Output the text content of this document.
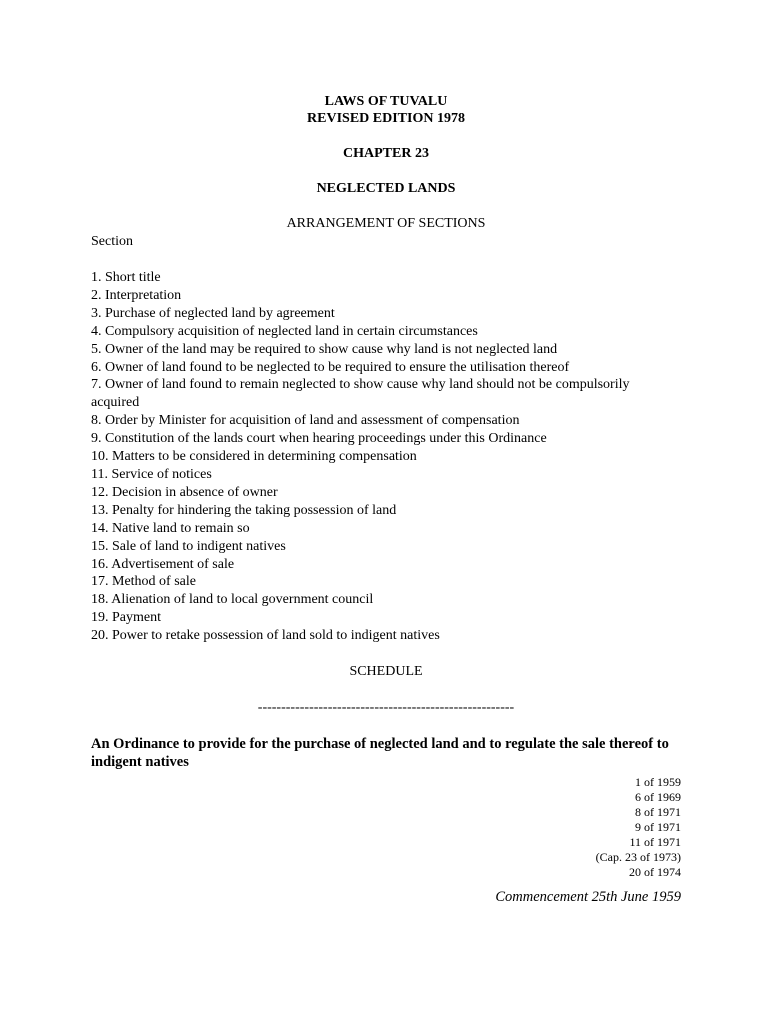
LAWS OF TUVALU

REVISED EDITION 1978

CHAPTER 23

NEGLECTED LANDS

ARRANGEMENT OF SECTIONS

Section

1. Short title
2. Interpretation
3. Purchase of neglected land by agreement
4. Compulsory acquisition of neglected land in certain circumstances
5. Owner of the land may be required to show cause why land is not neglected land
6. Owner of land found to be neglected to be required to ensure the utilisation thereof
7. Owner of land found to remain neglected to show cause why land should not be compulsorily acquired
8. Order by Minister for acquisition of land and assessment of compensation
9. Constitution of the lands court when hearing proceedings under this Ordinance
10. Matters to be considered in determining compensation
11. Service of notices
12. Decision in absence of owner
13. Penalty for hindering the taking possession of land
14. Native land to remain so
15. Sale of land to indigent natives
16. Advertisement of sale
17. Method of sale
18. Alienation of land to local government council
19. Payment
20. Power to retake possession of land sold to indigent natives

SCHEDULE

-------------------------------------------------------

An Ordinance to provide for the purchase of neglected land and to regulate the sale thereof to indigent natives

1 of 1959
6 of 1969
8 of 1971
9 of 1971
11 of 1971
(Cap. 23 of 1973)
20 of 1974

Commencement 25th June 1959
